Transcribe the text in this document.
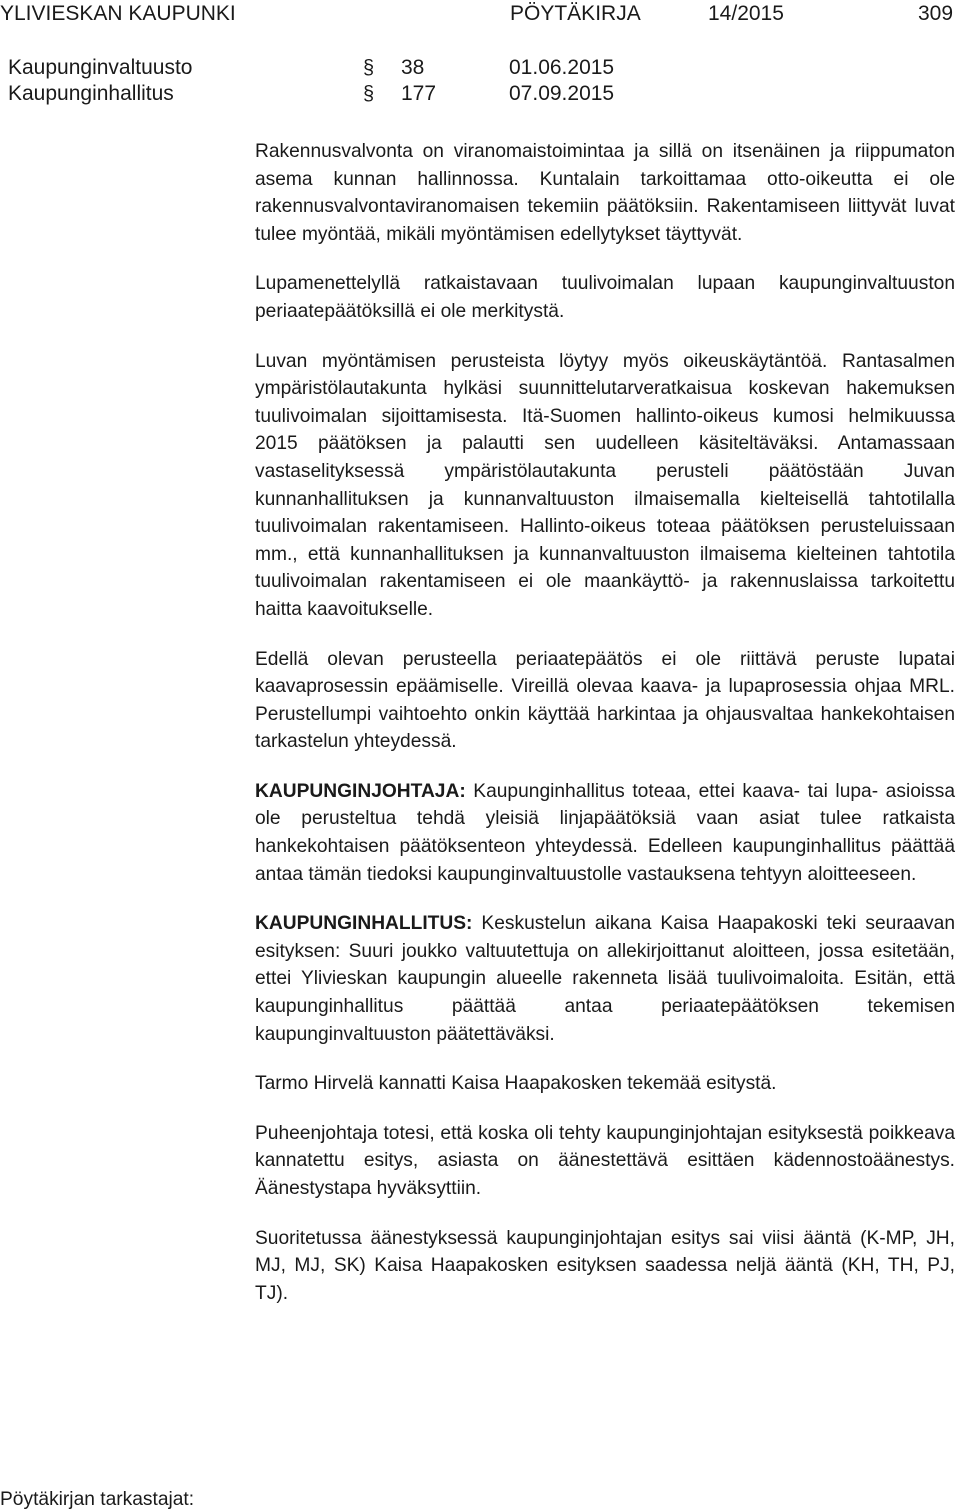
YLIVIESKAN KAUPUNKI	PÖYTÄKIRJA	14/2015	309
Kaupunginvaltuusto	§ 38	01.06.2015
Kaupunginhallitus	§ 177	07.09.2015

Rakennusvalvonta on viranomaistoimintaa ja sillä on itsenäinen ja riippumaton asema kunnan hallinnossa. Kuntalain tarkoittamaa otto-oikeutta ei ole rakennusvalvontaviranomaisen tekemiin päätöksiin. Rakentamiseen liittyvät luvat tulee myöntää, mikäli myöntämisen edellytykset täyttyvät.

Lupamenettelyllä ratkaistavaan tuulivoimalan lupaan kaupunginvaltuuston periaatepäätöksillä ei ole merkitystä.

Luvan myöntämisen perusteista löytyy myös oikeuskäytäntöä. Rantasalmen ympäristölautakunta hylkäsi suunnittelutarveratkaisua koskevan hakemuksen tuulivoimalan sijoittamisesta. Itä-Suomen hallinto-oikeus kumosi helmikuussa 2015 päätöksen ja palautti sen uudelleen käsiteltäväksi. Antamassaan vastaselityksessä ympäristölautakunta perusteli päätöstään Juvan kunnanhallituksen ja kunnanvaltuuston ilmaisemalla kielteisellä tahtotilalla tuulivoimalan rakentamiseen. Hallinto-oikeus toteaa päätöksen perusteluissaan mm., että kunnanhallituksen ja kunnanvaltuuston ilmaisema kielteinen tahtotila tuulivoimalan rakentamiseen ei ole maankäyttö- ja rakennuslaissa tarkoitettu haitta kaavoitukselle.

Edellä olevan perusteella periaatepäätös ei ole riittävä peruste lupatai kaavaprosessin epäämiselle. Vireillä olevaa kaava- ja lupaprosessia ohjaa MRL. Perustellumpi vaihtoehto onkin käyttää harkintaa ja ohjausvaltaa hankekohtaisen tarkastelun yhteydessä.

KAUPUNGINJOHTAJA: Kaupunginhallitus toteaa, ettei kaava- tai lupa- asioissa ole perusteltua tehdä yleisiä linjapäätöksiä vaan asiat tulee ratkaista hankekohtaisen päätöksenteon yhteydessä. Edelleen kaupunginhallitus päättää antaa tämän tiedoksi kaupunginvaltuustolle vastauksena tehtyyn aloitteeseen.

KAUPUNGINHALLITUS: Keskustelun aikana Kaisa Haapakoski teki seuraavan esityksen: Suuri joukko valtuutettuja on allekirjoittanut aloitteen, jossa esitetään, ettei Ylivieskan kaupungin alueelle rakenneta lisää tuulivoimaloita. Esitän, että kaupunginhallitus päättää antaa periaatepäätöksen tekemisen kaupunginvaltuuston päätettäväksi.

Tarmo Hirvelä kannatti Kaisa Haapakosken tekemää esitystä.

Puheenjohtaja totesi, että koska oli tehty kaupunginjohtajan esityksestä poikkeava kannatettu esitys, asiasta on äänestettävä esittäen kädennostoäänestys. Äänestystapa hyväksyttiin.

Suoritetussa äänestyksessä kaupunginjohtajan esitys sai viisi ääntä (K-MP, JH, MJ, MJ, SK) Kaisa Haapakosken esityksen saadessa neljä ääntä (KH, TH, PJ, TJ).

Pöytäkirjan tarkastajat:
